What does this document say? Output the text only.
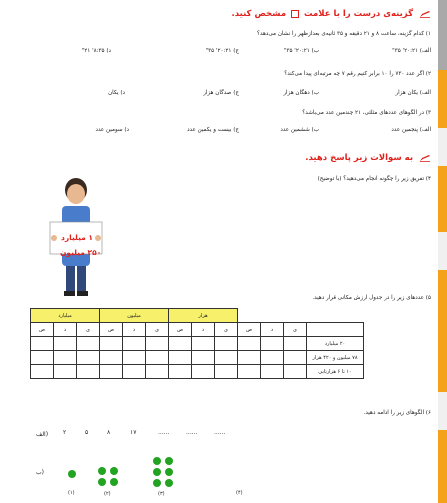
گزینه‌ی درست را با علامت  مشخص کنید.
۱) کدام گزینه، ساعت ۸ و ۲۱ دقیقه و ۳۵ ثانیه‌ی بعدازظهر را نشان می‌دهد؟
الف) ۲۰:۲۱' ۳۵"
ب) ۲۰:۲۱' ۳۵"
ج) ۲۰:۲۱' ۳۵"
د) ۸:۳۵' ۲۱"
۲) اگر عدد ۷۳۰ را ۱۰ برابر کنیم رقم ۷ چه مرتبه‌ای پیدا می‌کند؟
الف) یکان هزار
ب) دهگان هزار
ج) صدگان هزار
د) یکان
۳) در الگوهای عددهای مثلثی، ۲۱ چندمین عدد می‌باشد؟
الف) پنجمین عدد
ب) ششمین عدد
ج) بیست و یکمین عدد
د) سومین عدد
به سوالات زیر پاسخ دهید.
۴) تفریق زیر را چگونه انجام می‌دهید؟ (با توضیح)
۱ میلیارد
۲۵۰ میلیون
۵) عددهای زیر را در جدول ارزش مکانی قرار دهید.
				هزار			میلیون			میلیارد		
	ی	د	ص	ی	د	ص	ی	د	ص	ی	د	ص
۲۰ میلیارد												
۷۸ میلیون و ۴۲۰ هزار												
۱۰ تا ۶ هزارتایی												
۶) الگوهای زیر را ادامه دهید.
الف) ۲	۵	۸	۱۷	......	......	......
ب)
(۱)	(۲)	(۳)	(۴)
